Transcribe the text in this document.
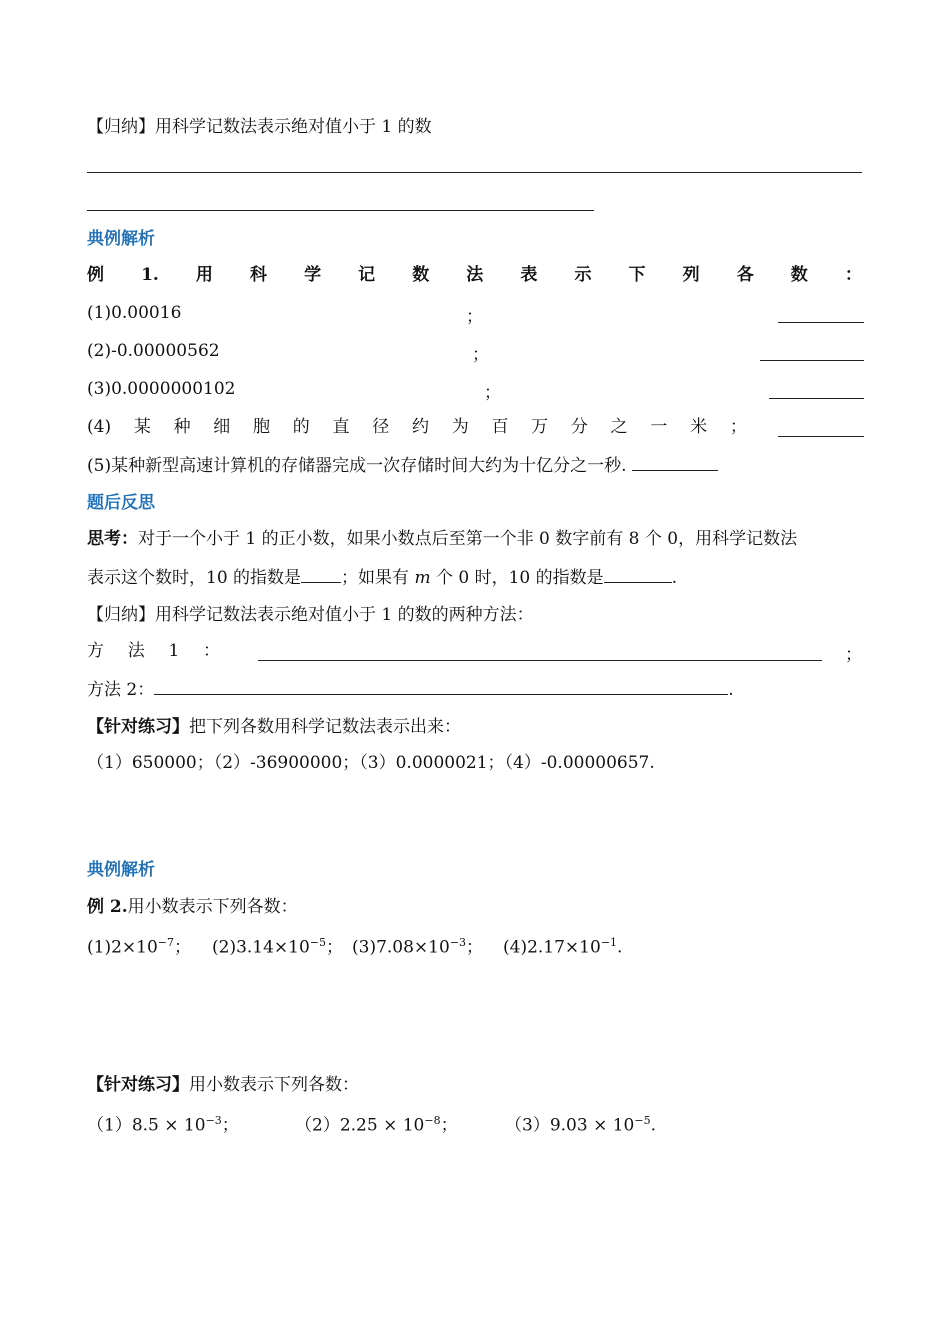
【归纳】用科学记数法表示绝对值小于 1 的数
典例解析
例 1. 用 科 学 记 数 法 表 示 下 列 各 数 ：
(1)0.00016	；
(2)-0.00000562	；
(3)0.0000000102	；
(4) 某 种 细 胞 的 直 径 约 为 百 万 分 之 一 米 ；
(5)某种新型高速计算机的存储器完成一次存储时间大约为十亿分之一秒.
题后反思
思考：对于一个小于 1 的正小数，如果小数点后至第一个非 0 数字前有 8 个 0，用科学记数法
表示这个数时，10 的指数是 ；如果有 m 个 0 时，10 的指数是	.
【归纳】用科学记数法表示绝对值小于 1 的数的两种方法：
方 法 1 ：	；
方法 2：	.
【针对练习】把下列各数用科学记数法表示出来：
（1）650000；（2）-36900000；（3）0.0000021；（4）-0.00000657.
典例解析
例 2.用小数表示下列各数：
$(1)2\times 10^{-7}$； $(2)3.14\times 10^{-5}$； $(3)7.08\times 10^{-3}$； $(4)2.17\times 10^{-1}$.
【针对练习】用小数表示下列各数：
$(1)8.5 \times 10^{-3}$；	$(2)2.25 \times 10^{-8}$；	$(3)9.03 \times 10^{-5}$.
